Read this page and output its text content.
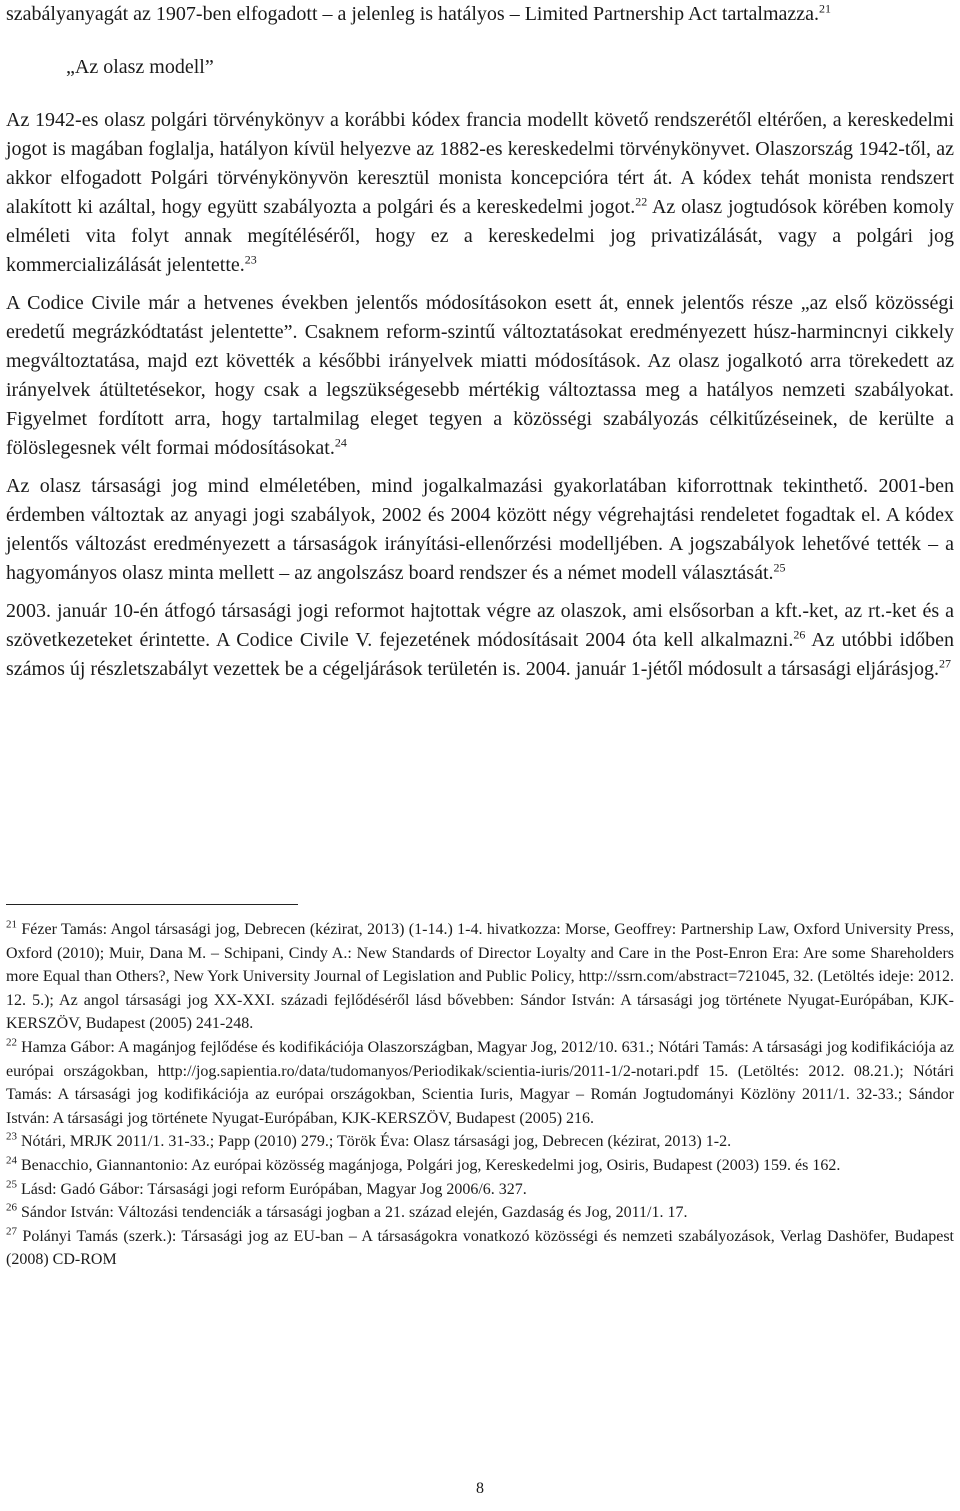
szabályanyagát az 1907-ben elfogadott – a jelenleg is hatályos – Limited Partnership Act tartalmazza.$^{21}$

„Az olasz modell”

Az 1942-es olasz polgári törvénykönyv a korábbi kódex francia modellt követő rendszerétől eltérően, a kereskedelmi jogot is magában foglalja, hatályon kívül helyezve az 1882-es kereskedelmi törvénykönyvet. Olaszország 1942-től, az akkor elfogadott Polgári törvénykönyvön keresztül monista koncepcióra tért át. A kódex tehát monista rendszert alakított ki azáltal, hogy együtt szabályozta a polgári és a kereskedelmi jogot.$^{22}$ Az olasz jogtudósok körében komoly elméleti vita folyt annak megítéléséről, hogy ez a kereskedelmi jog privatizálását, vagy a polgári jog kommercializálását jelentette.$^{23}$

A Codice Civile már a hetvenes években jelentős módosításokon esett át, ennek jelentős része „az első közösségi eredetű megrázkódtatást jelentette”. Csaknem reform-szintű változtatásokat eredményezett húsz-harmincnyi cikkely megváltoztatása, majd ezt követték a későbbi irányelvek miatti módosítások. Az olasz jogalkotó arra törekedett az irányelvek átültetésekor, hogy csak a legszükségesebb mértékig változtassa meg a hatályos nemzeti szabályokat. Figyelmet fordított arra, hogy tartalmilag eleget tegyen a közösségi szabályozás célkitűzéseinek, de kerülte a fölöslegesnek vélt formai módosításokat.$^{24}$

Az olasz társasági jog mind elméletében, mind jogalkalmazási gyakorlatában kiforrottnak tekinthető. 2001-ben érdemben változtak az anyagi jogi szabályok, 2002 és 2004 között négy végrehajtási rendeletet fogadtak el. A kódex jelentős változást eredményezett a társaságok irányítási-ellenőrzési modelljében. A jogszabályok lehetővé tették – a hagyományos olasz minta mellett – az angolszász board rendszer és a német modell választását.$^{25}$

2003. január 10-én átfogó társasági jogi reformot hajtottak végre az olaszok, ami elsősorban a kft.-ket, az rt.-ket és a szövetkezeteket érintette. A Codice Civile V. fejezetének módosításait 2004 óta kell alkalmazni.$^{26}$ Az utóbbi időben számos új részletszabályt vezettek be a cégeljárások területén is. 2004. január 1-jétől módosult a társasági eljárásjog.$^{27}$

$^{21}$ Fézer Tamás: Angol társasági jog, Debrecen (kézirat, 2013) (1-14.) 1-4. hivatkozza: Morse, Geoffrey: Partnership Law, Oxford University Press, Oxford (2010); Muir, Dana M. – Schipani, Cindy A.: New Standards of Director Loyalty and Care in the Post-Enron Era: Are some Shareholders more Equal than Others?, New York University Journal of Legislation and Public Policy, http://ssrn.com/abstract=721045, 32. (Letöltés ideje: 2012. 12. 5.); Az angol társasági jog XX-XXI. századi fejlődéséről lásd bővebben: Sándor István: A társasági jog története Nyugat-Európában, KJK-KERSZÖV, Budapest (2005) 241-248.

$^{22}$ Hamza Gábor: A magánjog fejlődése és kodifikációja Olaszországban, Magyar Jog, 2012/10. 631.; Nótári Tamás: A társasági jog kodifikációja az európai országokban, http://jog.sapientia.ro/data/tudomanyos/Periodikak/scientia-iuris/2011-1/2-notari.pdf 15. (Letöltés: 2012. 08.21.); Nótári Tamás: A társasági jog kodifikációja az európai országokban, Scientia Iuris, Magyar – Román Jogtudományi Közlöny 2011/1. 32-33.; Sándor István: A társasági jog története Nyugat-Európában, KJK-KERSZÖV, Budapest (2005) 216.

$^{23}$ Nótári, MRJK 2011/1. 31-33.; Papp (2010) 279.; Török Éva: Olasz társasági jog, Debrecen (kézirat, 2013) 1-2.

$^{24}$ Benacchio, Giannantonio: Az európai közösség magánjoga, Polgári jog, Kereskedelmi jog, Osiris, Budapest (2003) 159. és 162.

$^{25}$ Lásd: Gadó Gábor: Társasági jogi reform Európában, Magyar Jog 2006/6. 327.

$^{26}$ Sándor István: Változási tendenciák a társasági jogban a 21. század elején, Gazdaság és Jog, 2011/1. 17.

$^{27}$ Polányi Tamás (szerk.): Társasági jog az EU-ban – A társaságokra vonatkozó közösségi és nemzeti szabályozások, Verlag Dashöfer, Budapest (2008) CD-ROM

8
